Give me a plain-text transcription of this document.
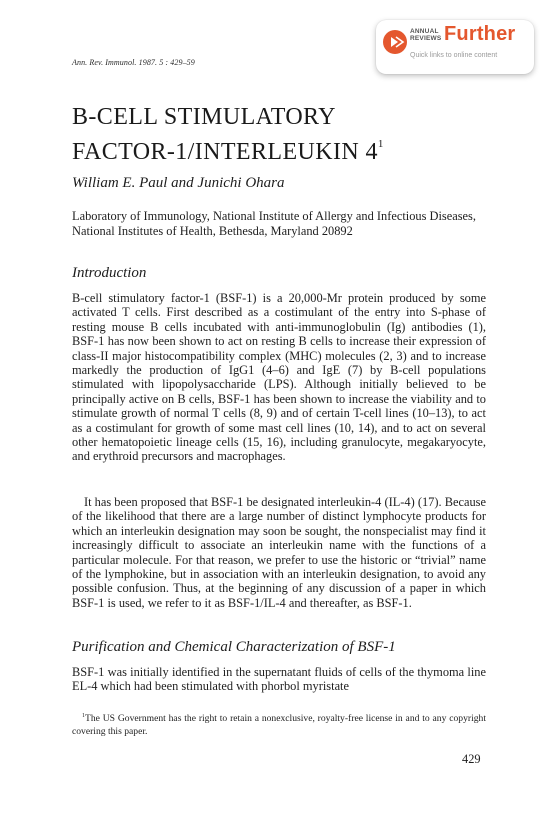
Ann. Rev. Immunol. 1987. 5 : 429–59
ANNUAL
REVIEWS Further
Quick links to online content
B-CELL STIMULATORY
FACTOR-1/INTERLEUKIN $4^1$
William E. Paul and Junichi Ohara
Laboratory of Immunology, National Institute of Allergy and Infectious Diseases, National Institutes of Health, Bethesda, Maryland 20892
Introduction

B-cell stimulatory factor-1 (BSF-1) is a 20,000-Mr protein produced by some activated T cells. First described as a costimulant of the entry into S-phase of resting mouse B cells incubated with anti-immunoglobulin (Ig) antibodies (1), BSF-1 has now been shown to act on resting B cells to increase their expression of class-II major histocompatibility complex (MHC) molecules (2, 3) and to increase markedly the production of IgG1 (4–6) and IgE (7) by B-cell populations stimulated with lipopolysaccharide (LPS). Although initially believed to be principally active on B cells, BSF-1 has been shown to increase the viability and to stimulate growth of normal T cells (8, 9) and of certain T-cell lines (10–13), to act as a costimulant for growth of some mast cell lines (10, 14), and to act on several other hematopoietic lineage cells (15, 16), including granulocyte, megakaryocyte, and erythroid precursors and macrophages.

It has been proposed that BSF-1 be designated interleukin-4 (IL-4) (17). Because of the likelihood that there are a large number of distinct lymphocyte products for which an interleukin designation may soon be sought, the nonspecialist may find it increasingly difficult to associate an interleukin name with the functions of a particular molecule. For that reason, we prefer to use the historic or “trivial” name of the lymphokine, but in association with an interleukin designation, to avoid any possible confusion. Thus, at the beginning of any discussion of a paper in which BSF-1 is used, we refer to it as BSF-1/IL-4 and thereafter, as BSF-1.

Purification and Chemical Characterization of BSF-1

BSF-1 was initially identified in the supernatant fluids of cells of the thymoma line EL-4 which had been stimulated with phorbol myristate

$^1$The US Government has the right to retain a nonexclusive, royalty-free license in and to any copyright covering this paper.

429
